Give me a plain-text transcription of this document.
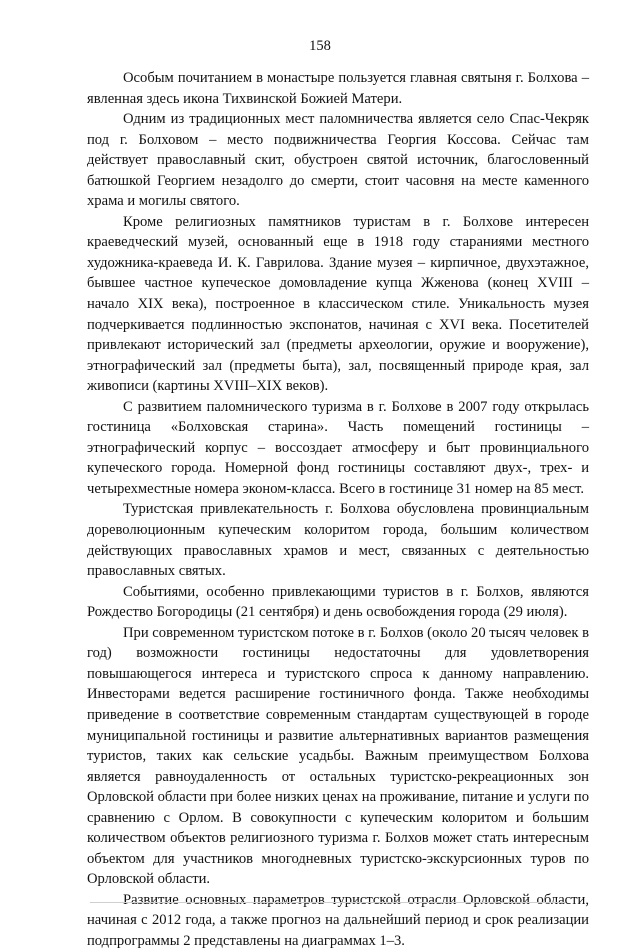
158

Особым почитанием в монастыре пользуется главная святыня г. Болхова – явленная здесь икона Тихвинской Божией Матери.

Одним из традиционных мест паломничества является село Спас-Чекряк под г. Болховом – место подвижничества Георгия Коссова. Сейчас там действует православный скит, обустроен святой источник, благословенный батюшкой Георгием незадолго до смерти, стоит часовня на месте каменного храма и могилы святого.

Кроме религиозных памятников туристам в г. Болхове интересен краеведческий музей, основанный еще в 1918 году стараниями местного художника-краеведа И. К. Гаврилова. Здание музея – кирпичное, двухэтажное, бывшее частное купеческое домовладение купца Жженова (конец XVIII – начало XIX века), построенное в классическом стиле. Уникальность музея подчеркивается подлинностью экспонатов, начиная с XVI века. Посетителей привлекают исторический зал (предметы археологии, оружие и вооружение), этнографический зал (предметы быта), зал, посвященный природе края, зал живописи (картины XVIII–XIX веков).

С развитием паломнического туризма в г. Болхове в 2007 году открылась гостиница «Болховская старина». Часть помещений гостиницы – этнографический корпус – воссоздает атмосферу и быт провинциального купеческого города. Номерной фонд гостиницы составляют двух-, трех- и четырехместные номера эконом-класса. Всего в гостинице 31 номер на 85 мест.

Туристская привлекательность г. Болхова обусловлена провинциальным дореволюционным купеческим колоритом города, большим количеством действующих православных храмов и мест, связанных с деятельностью православных святых.

Событиями, особенно привлекающими туристов в г. Болхов, являются Рождество Богородицы (21 сентября) и день освобождения города (29 июля).

При современном туристском потоке в г. Болхов (около 20 тысяч человек в год) возможности гостиницы недостаточны для удовлетворения повышающегося интереса и туристского спроса к данному направлению. Инвесторами ведется расширение гостиничного фонда. Также необходимы приведение в соответствие современным стандартам существующей в городе муниципальной гостиницы и развитие альтернативных вариантов размещения туристов, таких как сельские усадьбы. Важным преимуществом Болхова является равноудаленность от остальных туристско-рекреационных зон Орловской области при более низких ценах на проживание, питание и услуги по сравнению с Орлом. В совокупности с купеческим колоритом и большим количеством объектов религиозного туризма г. Болхов может стать интересным объектом для участников многодневных туристско-экскурсионных туров по Орловской области.

Развитие основных параметров туристской отрасли Орловской области, начиная с 2012 года, а также прогноз на дальнейший период и срок реализации подпрограммы 2 представлены на диаграммах 1–3.
